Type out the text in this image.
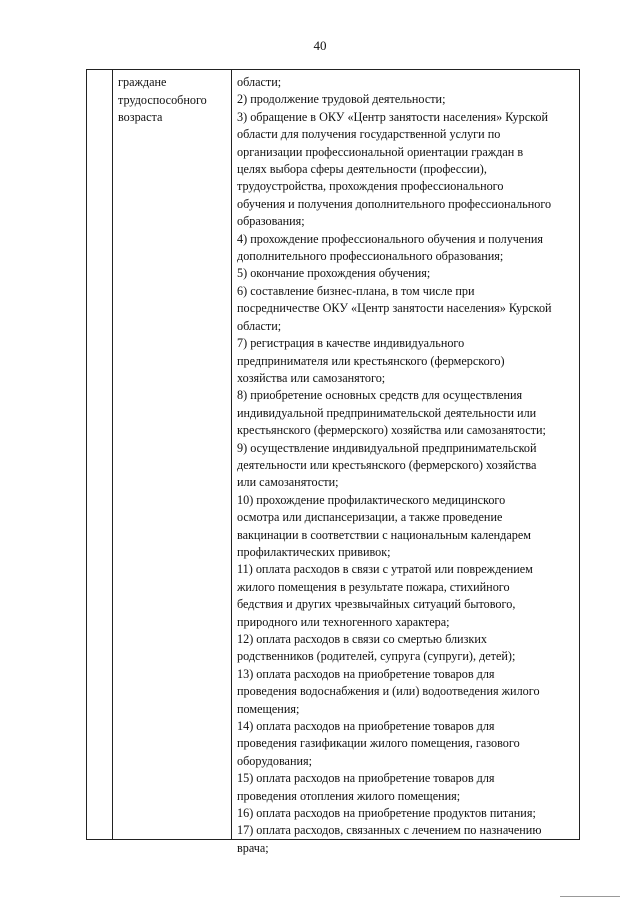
40
граждане
трудоспособного
возраста
области;
2) продолжение трудовой деятельности;
3) обращение в ОКУ «Центр занятости населения» Курской
области для получения государственной услуги по
организации профессиональной ориентации граждан в
целях выбора сферы деятельности (профессии),
трудоустройства, прохождения профессионального
обучения и получения дополнительного профессионального
образования;
4) прохождение профессионального обучения и получения
дополнительного профессионального образования;
5) окончание прохождения обучения;
6) составление бизнес-плана, в том числе при
посредничестве ОКУ «Центр занятости населения» Курской
области;
7) регистрация в качестве индивидуального
предпринимателя или крестьянского (фермерского)
хозяйства или самозанятого;
8) приобретение основных средств для осуществления
индивидуальной предпринимательской деятельности или
крестьянского (фермерского) хозяйства или самозанятости;
9) осуществление индивидуальной предпринимательской
деятельности или крестьянского (фермерского) хозяйства
или самозанятости;
10) прохождение профилактического медицинского
осмотра или диспансеризации, а также проведение
вакцинации в соответствии с национальным календарем
профилактических прививок;
11) оплата расходов в связи с утратой или повреждением
жилого помещения в результате пожара, стихийного
бедствия и других чрезвычайных ситуаций бытового,
природного или техногенного характера;
12) оплата расходов в связи со смертью близких
родственников (родителей, супруга (супруги), детей);
13) оплата расходов на приобретение товаров для
проведения водоснабжения и (или) водоотведения жилого
помещения;
14) оплата расходов на приобретение товаров для
проведения газификации жилого помещения, газового
оборудования;
15) оплата расходов на приобретение товаров для
проведения отопления жилого помещения;
16) оплата расходов на приобретение продуктов питания;
17) оплата расходов, связанных с лечением по назначению
врача;
